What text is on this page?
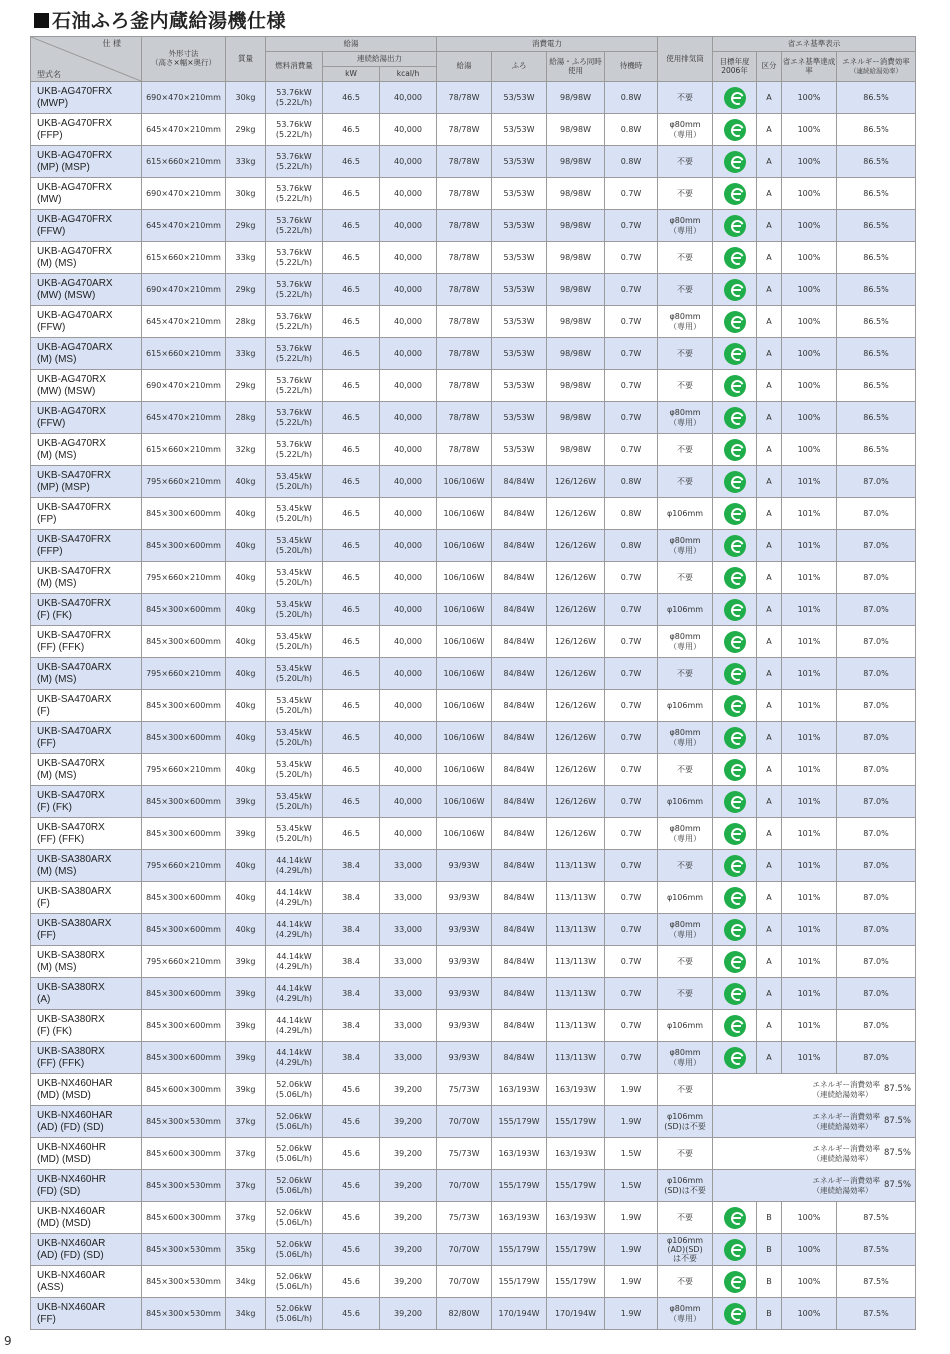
石油ふろ釜内蔵給湯機仕様
仕 様
型式名	外形寸法
（高さ×幅×奥行）	質量	給湯			消費電力				使用排気筒	省エネ基準表示			
			燃料消費量	連続給湯出力		給湯	ふろ	給湯・ふろ同時使用	待機時		目標年度2006年	区分	省エネ基準達成率	エネルギー消費効率
（連続給湯効率）
				kW	kcal/h									

UKB-AG470FRX
(MWP)	690×470×210mm	30kg	53.76kW
(5.22L/h)	46.5	40,000	78/78W	53/53W	98/98W	0.8W	不要		A	100%	86.5%

UKB-AG470FRX
(FFP)	645×470×210mm	29kg	53.76kW
(5.22L/h)	46.5	40,000	78/78W	53/53W	98/98W	0.8W	φ80mm
（専用）		A	100%	86.5%

UKB-AG470FRX
(MP) (MSP)	615×660×210mm	33kg	53.76kW
(5.22L/h)	46.5	40,000	78/78W	53/53W	98/98W	0.8W	不要		A	100%	86.5%

UKB-AG470FRX
(MW)	690×470×210mm	30kg	53.76kW
(5.22L/h)	46.5	40,000	78/78W	53/53W	98/98W	0.7W	不要		A	100%	86.5%

UKB-AG470FRX
(FFW)	645×470×210mm	29kg	53.76kW
(5.22L/h)	46.5	40,000	78/78W	53/53W	98/98W	0.7W	φ80mm
（専用）		A	100%	86.5%

UKB-AG470FRX
(M) (MS)	615×660×210mm	33kg	53.76kW
(5.22L/h)	46.5	40,000	78/78W	53/53W	98/98W	0.7W	不要		A	100%	86.5%

UKB-AG470ARX
(MW) (MSW)	690×470×210mm	29kg	53.76kW
(5.22L/h)	46.5	40,000	78/78W	53/53W	98/98W	0.7W	不要		A	100%	86.5%

UKB-AG470ARX
(FFW)	645×470×210mm	28kg	53.76kW
(5.22L/h)	46.5	40,000	78/78W	53/53W	98/98W	0.7W	φ80mm
（専用）		A	100%	86.5%

UKB-AG470ARX
(M) (MS)	615×660×210mm	33kg	53.76kW
(5.22L/h)	46.5	40,000	78/78W	53/53W	98/98W	0.7W	不要		A	100%	86.5%

UKB-AG470RX
(MW) (MSW)	690×470×210mm	29kg	53.76kW
(5.22L/h)	46.5	40,000	78/78W	53/53W	98/98W	0.7W	不要		A	100%	86.5%

UKB-AG470RX
(FFW)	645×470×210mm	28kg	53.76kW
(5.22L/h)	46.5	40,000	78/78W	53/53W	98/98W	0.7W	φ80mm
（専用）		A	100%	86.5%

UKB-AG470RX
(M) (MS)	615×660×210mm	32kg	53.76kW
(5.22L/h)	46.5	40,000	78/78W	53/53W	98/98W	0.7W	不要		A	100%	86.5%

UKB-SA470FRX
(MP) (MSP)	795×660×210mm	40kg	53.45kW
(5.20L/h)	46.5	40,000	106/106W	84/84W	126/126W	0.8W	不要		A	101%	87.0%

UKB-SA470FRX
(FP)	845×300×600mm	40kg	53.45kW
(5.20L/h)	46.5	40,000	106/106W	84/84W	126/126W	0.8W	φ106mm		A	101%	87.0%

UKB-SA470FRX
(FFP)	845×300×600mm	40kg	53.45kW
(5.20L/h)	46.5	40,000	106/106W	84/84W	126/126W	0.8W	φ80mm
（専用）		A	101%	87.0%

UKB-SA470FRX
(M) (MS)	795×660×210mm	40kg	53.45kW
(5.20L/h)	46.5	40,000	106/106W	84/84W	126/126W	0.7W	不要		A	101%	87.0%

UKB-SA470FRX
(F) (FK)	845×300×600mm	40kg	53.45kW
(5.20L/h)	46.5	40,000	106/106W	84/84W	126/126W	0.7W	φ106mm		A	101%	87.0%

UKB-SA470FRX
(FF) (FFK)	845×300×600mm	40kg	53.45kW
(5.20L/h)	46.5	40,000	106/106W	84/84W	126/126W	0.7W	φ80mm
（専用）		A	101%	87.0%

UKB-SA470ARX
(M) (MS)	795×660×210mm	40kg	53.45kW
(5.20L/h)	46.5	40,000	106/106W	84/84W	126/126W	0.7W	不要		A	101%	87.0%

UKB-SA470ARX
(F)	845×300×600mm	40kg	53.45kW
(5.20L/h)	46.5	40,000	106/106W	84/84W	126/126W	0.7W	φ106mm		A	101%	87.0%

UKB-SA470ARX
(FF)	845×300×600mm	40kg	53.45kW
(5.20L/h)	46.5	40,000	106/106W	84/84W	126/126W	0.7W	φ80mm
（専用）		A	101%	87.0%

UKB-SA470RX
(M) (MS)	795×660×210mm	40kg	53.45kW
(5.20L/h)	46.5	40,000	106/106W	84/84W	126/126W	0.7W	不要		A	101%	87.0%

UKB-SA470RX
(F) (FK)	845×300×600mm	39kg	53.45kW
(5.20L/h)	46.5	40,000	106/106W	84/84W	126/126W	0.7W	φ106mm		A	101%	87.0%

UKB-SA470RX
(FF) (FFK)	845×300×600mm	39kg	53.45kW
(5.20L/h)	46.5	40,000	106/106W	84/84W	126/126W	0.7W	φ80mm
（専用）		A	101%	87.0%

UKB-SA380ARX
(M) (MS)	795×660×210mm	40kg	44.14kW
(4.29L/h)	38.4	33,000	93/93W	84/84W	113/113W	0.7W	不要		A	101%	87.0%

UKB-SA380ARX
(F)	845×300×600mm	40kg	44.14kW
(4.29L/h)	38.4	33,000	93/93W	84/84W	113/113W	0.7W	φ106mm		A	101%	87.0%

UKB-SA380ARX
(FF)	845×300×600mm	40kg	44.14kW
(4.29L/h)	38.4	33,000	93/93W	84/84W	113/113W	0.7W	φ80mm
（専用）		A	101%	87.0%

UKB-SA380RX
(M) (MS)	795×660×210mm	39kg	44.14kW
(4.29L/h)	38.4	33,000	93/93W	84/84W	113/113W	0.7W	不要		A	101%	87.0%

UKB-SA380RX
(A)	845×300×600mm	39kg	44.14kW
(4.29L/h)	38.4	33,000	93/93W	84/84W	113/113W	0.7W	不要		A	101%	87.0%

UKB-SA380RX
(F) (FK)	845×300×600mm	39kg	44.14kW
(4.29L/h)	38.4	33,000	93/93W	84/84W	113/113W	0.7W	φ106mm		A	101%	87.0%

UKB-SA380RX
(FF) (FFK)	845×300×600mm	39kg	44.14kW
(4.29L/h)	38.4	33,000	93/93W	84/84W	113/113W	0.7W	φ80mm
（専用）		A	101%	87.0%

UKB-NX460HAR
(MD) (MSD)	845×600×300mm	39kg	52.06kW
(5.06L/h)	45.6	39,200	75/73W	163/193W	163/193W	1.9W	不要	エネルギー消費効率
（連続給湯効率）
87.5%			

UKB-NX460HAR
(AD) (FD) (SD)	845×300×530mm	37kg	52.06kW
(5.06L/h)	45.6	39,200	70/70W	155/179W	155/179W	1.9W	φ106mm
(SD)は不要	エネルギー消費効率
（連続給湯効率）
87.5%			

UKB-NX460HR
(MD) (MSD)	845×600×300mm	37kg	52.06kW
(5.06L/h)	45.6	39,200	75/73W	163/193W	163/193W	1.5W	不要	エネルギー消費効率
（連続給湯効率）
87.5%			

UKB-NX460HR
(FD) (SD)	845×300×530mm	37kg	52.06kW
(5.06L/h)	45.6	39,200	70/70W	155/179W	155/179W	1.5W	φ106mm
(SD)は不要	エネルギー消費効率
（連続給湯効率）
87.5%			

UKB-NX460AR
(MD) (MSD)	845×600×300mm	37kg	52.06kW
(5.06L/h)	45.6	39,200	75/73W	163/193W	163/193W	1.9W	不要		B	100%	87.5%

UKB-NX460AR
(AD) (FD) (SD)	845×300×530mm	35kg	52.06kW
(5.06L/h)	45.6	39,200	70/70W	155/179W	155/179W	1.9W	φ106mm
(AD)(SD)
は不要		B	100%	87.5%

UKB-NX460AR
(ASS)	845×300×530mm	34kg	52.06kW
(5.06L/h)	45.6	39,200	70/70W	155/179W	155/179W	1.9W	不要		B	100%	87.5%

UKB-NX460AR
(FF)	845×300×530mm	34kg	52.06kW
(5.06L/h)	45.6	39,200	82/80W	170/194W	170/194W	1.9W	φ80mm
（専用）		B	100%	87.5%
9
